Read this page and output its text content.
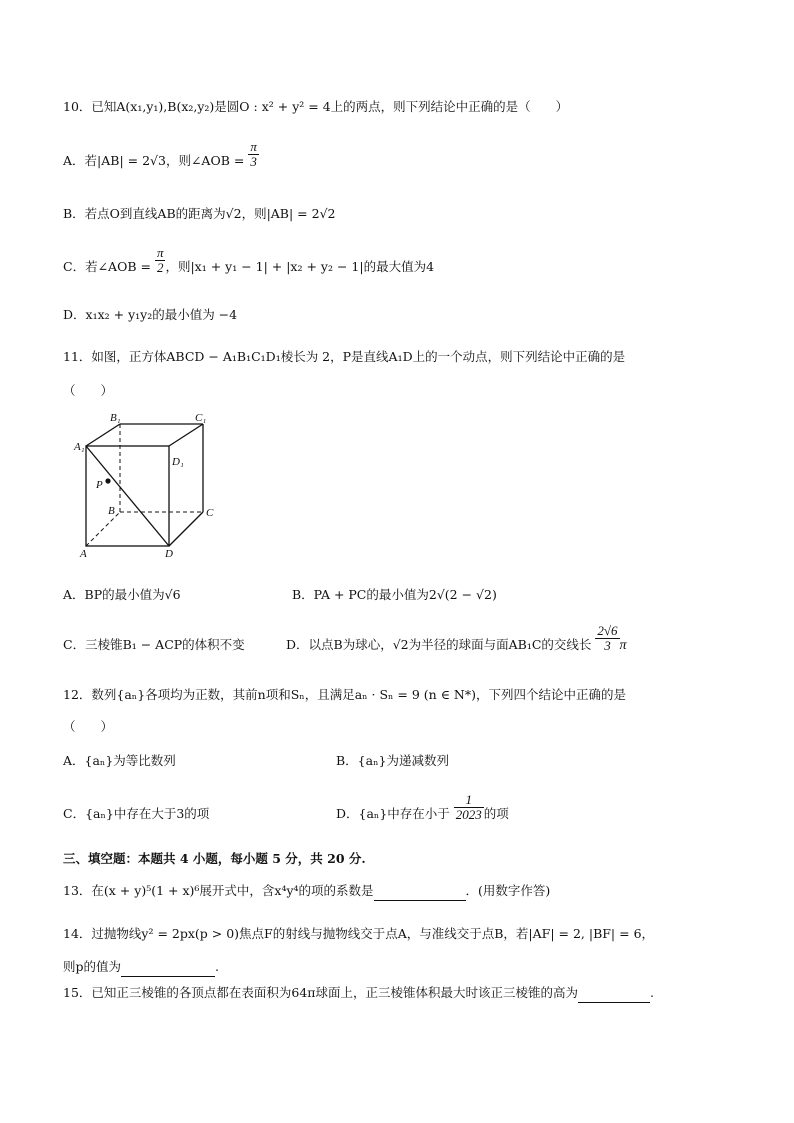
10．已知A(x₁,y₁),B(x₂,y₂)是圆O : x² + y² = 4上的两点，则下列结论中正确的是（　　）
A．若|AB| = 2√3，则∠AOB = $\frac{\pi}{3}$
B．若点O到直线AB的距离为√2，则|AB| = 2√2
C．若∠AOB = $\frac{\pi}{2}$ ，则|x₁ + y₁ − 1| + |x₂ + y₂ − 1|的最大值为4
D．x₁x₂ + y₁y₂的最小值为 −4
11．如图，正方体ABCD − A₁B₁C₁D₁棱长为 2，P是直线A₁D上的一个动点，则下列结论中正确的是
（　　）
A₁
B₁	C₁
D₁
P
B	C
A	D
A．BP的最小值为√6	B．PA + PC的最小值为2√(2 − √2)
C．三棱锥B₁ − ACP的体积不变	D．以点B为球心，√2为半径的球面与面AB₁C的交线长 $\frac{2√6}{3}$ π
12．数列{aₙ}各项均为正数，其前n项和Sₙ，且满足aₙ · Sₙ = 9 (n ∈ N*)，下列四个结论中正确的是
（　　）
A．{aₙ}为等比数列	B．{aₙ}为递减数列
C．{aₙ}中存在大于3的项	D．{aₙ}中存在小于 $\frac{1}{2023}$ 的项
三、填空题：本题共 4 小题，每小题 5 分，共 20 分.
13．在(x + y)⁵(1 + x)⁶展开式中，含x⁴y⁴的项的系数是	．(用数字作答)
14．过抛物线y² = 2px(p > 0)焦点F的射线与抛物线交于点A，与准线交于点B，若|AF| = 2, |BF| = 6，
则p的值为	.
15．已知正三棱锥的各顶点都在表面积为64π球面上，正三棱锥体积最大时该正三棱锥的高为	.
